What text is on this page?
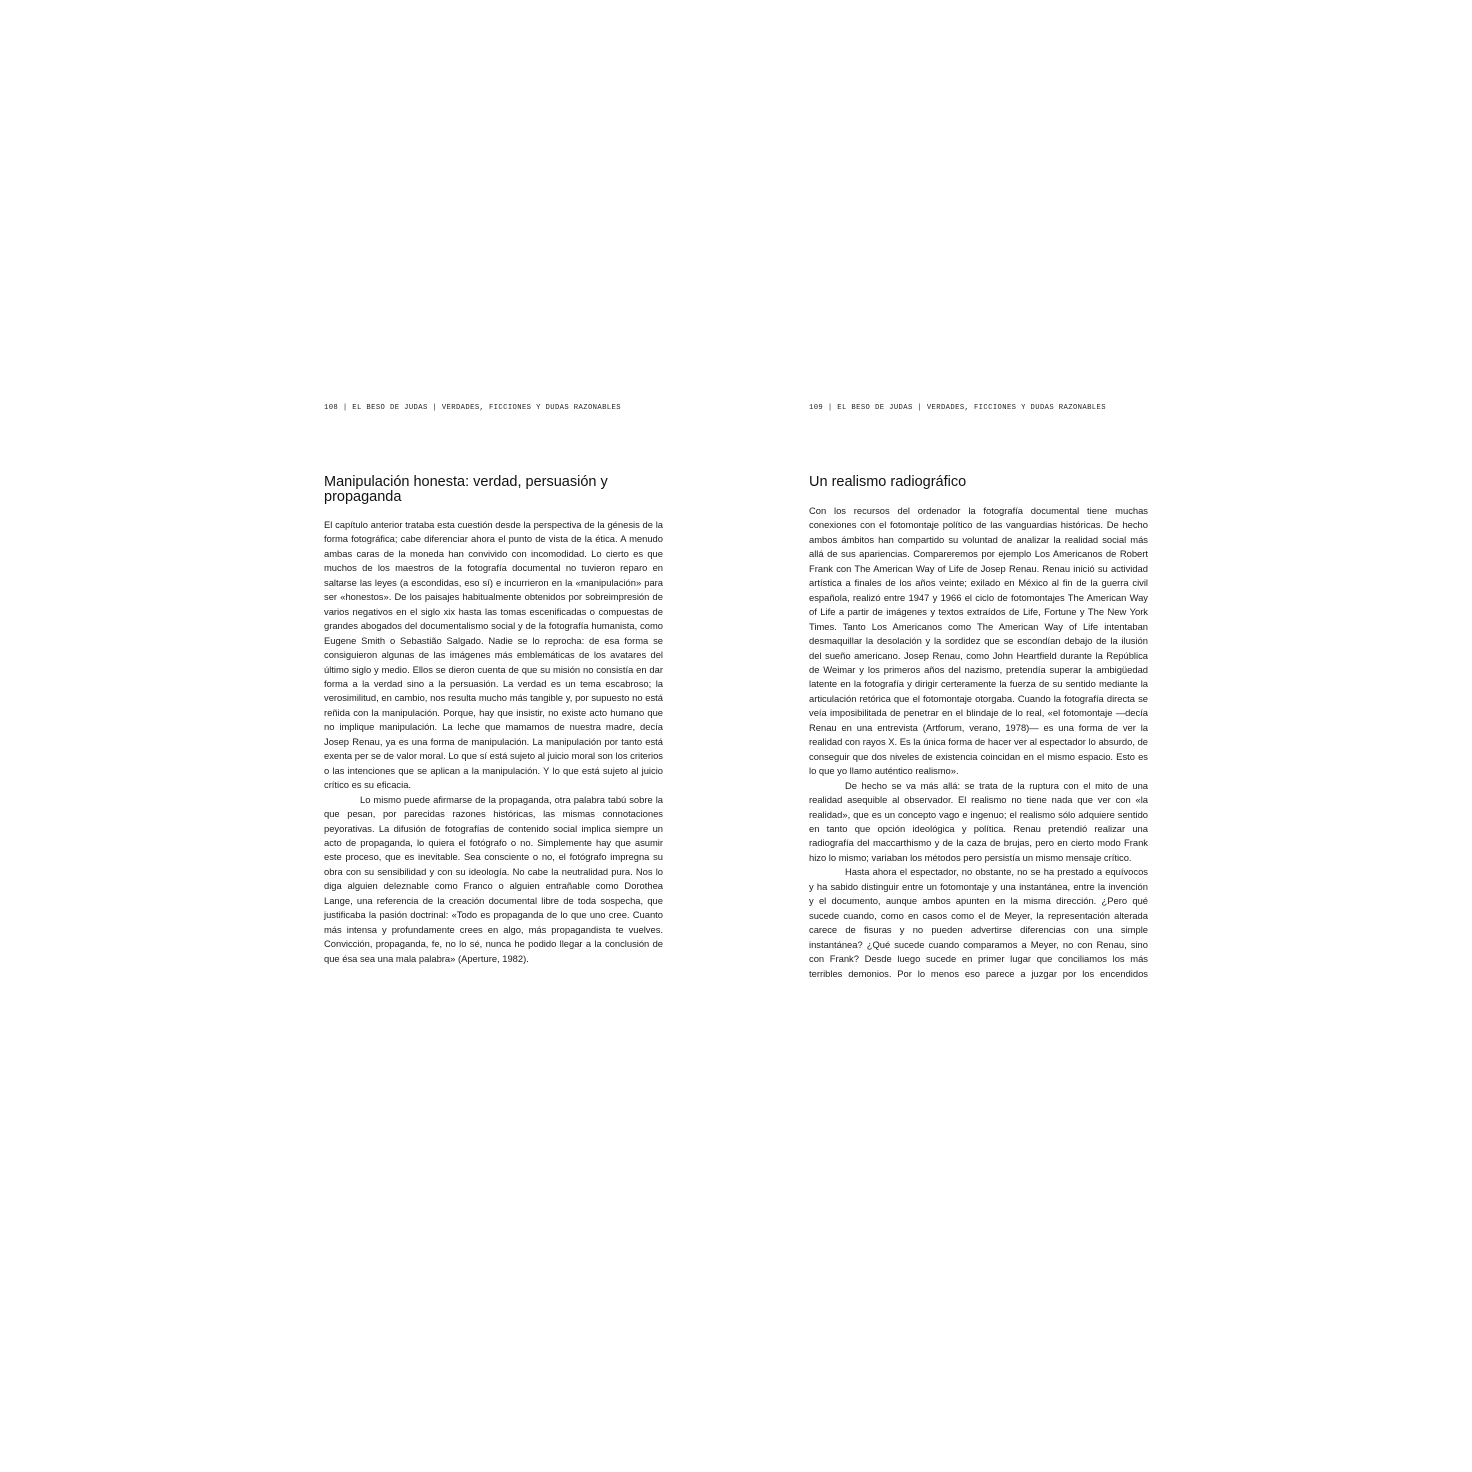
108 | EL BESO DE JUDAS | VERDADES, FICCIONES Y DUDAS RAZONABLES
Manipulación honesta: verdad, persuasión y propaganda

El capítulo anterior trataba esta cuestión desde la perspectiva de la génesis de la forma fotográfica; cabe diferenciar ahora el punto de vista de la ética. A menudo ambas caras de la moneda han convivido con incomodidad. Lo cierto es que muchos de los maestros de la fotografía documental no tuvieron reparo en saltarse las leyes (a escondidas, eso sí) e incurrieron en la «manipulación» para ser «honestos». De los paisajes habitualmente obtenidos por sobreimpresión de varios negativos en el siglo xix hasta las tomas escenificadas o compuestas de grandes abogados del documentalismo social y de la fotografía humanista, como Eugene Smith o Sebastião Salgado. Nadie se lo reprocha: de esa forma se consiguieron algunas de las imágenes más emblemáticas de los avatares del último siglo y medio. Ellos se dieron cuenta de que su misión no consistía en dar forma a la verdad sino a la persuasión. La verdad es un tema escabroso; la verosimilitud, en cambio, nos resulta mucho más tangible y, por supuesto no está reñida con la manipulación. Porque, hay que insistir, no existe acto humano que no implique manipulación. La leche que mamamos de nuestra madre, decía Josep Renau, ya es una forma de manipulación. La manipulación por tanto está exenta per se de valor moral. Lo que sí está sujeto al juicio moral son los criterios o las intenciones que se aplican a la manipulación. Y lo que está sujeto al juicio crítico es su eficacia.

Lo mismo puede afirmarse de la propaganda, otra palabra tabú sobre la que pesan, por parecidas razones históricas, las mismas connotaciones peyorativas. La difusión de fotografías de contenido social implica siempre un acto de propaganda, lo quiera el fotógrafo o no. Simplemente hay que asumir este proceso, que es inevitable. Sea consciente o no, el fotógrafo impregna su obra con su sensibilidad y con su ideología. No cabe la neutralidad pura. Nos lo diga alguien deleznable como Franco o alguien entrañable como Dorothea Lange, una referencia de la creación documental libre de toda sospecha, que justificaba la pasión doctrinal: «Todo es propaganda de lo que uno cree. Cuanto más intensa y profundamente crees en algo, más propagandista te vuelves. Convicción, propaganda, fe, no lo sé, nunca he podido llegar a la conclusión de que ésa sea una mala palabra» (Aperture, 1982).

109 | EL BESO DE JUDAS | VERDADES, FICCIONES Y DUDAS RAZONABLES
Un realismo radiográfico

Con los recursos del ordenador la fotografía documental tiene muchas conexiones con el fotomontaje político de las vanguardias históricas. De hecho ambos ámbitos han compartido su voluntad de analizar la realidad social más allá de sus apariencias. Compareremos por ejemplo Los Americanos de Robert Frank con The American Way of Life de Josep Renau. Renau inició su actividad artística a finales de los años veinte; exilado en México al fin de la guerra civil española, realizó entre 1947 y 1966 el ciclo de fotomontajes The American Way of Life a partir de imágenes y textos extraídos de Life, Fortune y The New York Times. Tanto Los Americanos como The American Way of Life intentaban desmaquillar la desolación y la sordidez que se escondían debajo de la ilusión del sueño americano. Josep Renau, como John Heartfield durante la República de Weimar y los primeros años del nazismo, pretendía superar la ambigüedad latente en la fotografía y dirigir certeramente la fuerza de su sentido mediante la articulación retórica que el fotomontaje otorgaba. Cuando la fotografía directa se veía imposibilitada de penetrar en el blindaje de lo real, «el fotomontaje —decía Renau en una entrevista (Artforum, verano, 1978)— es una forma de ver la realidad con rayos X. Es la única forma de hacer ver al espectador lo absurdo, de conseguir que dos niveles de existencia coincidan en el mismo espacio. Esto es lo que yo llamo auténtico realismo».

De hecho se va más allá: se trata de la ruptura con el mito de una realidad asequible al observador. El realismo no tiene nada que ver con «la realidad», que es un concepto vago e ingenuo; el realismo sólo adquiere sentido en tanto que opción ideológica y política. Renau pretendió realizar una radiografía del maccarthismo y de la caza de brujas, pero en cierto modo Frank hizo lo mismo; variaban los métodos pero persistía un mismo mensaje crítico.

Hasta ahora el espectador, no obstante, no se ha prestado a equívocos y ha sabido distinguir entre un fotomontaje y una instantánea, entre la invención y el documento, aunque ambos apunten en la misma dirección. ¿Pero qué sucede cuando, como en casos como el de Meyer, la representación alterada carece de fisuras y no pueden advertirse diferencias con una simple instantánea? ¿Qué sucede cuando comparamos a Meyer, no con Renau, sino con Frank? Desde luego sucede en primer lugar que conciliamos los más terribles demonios. Por lo menos eso parece a juzgar por los encendidos
